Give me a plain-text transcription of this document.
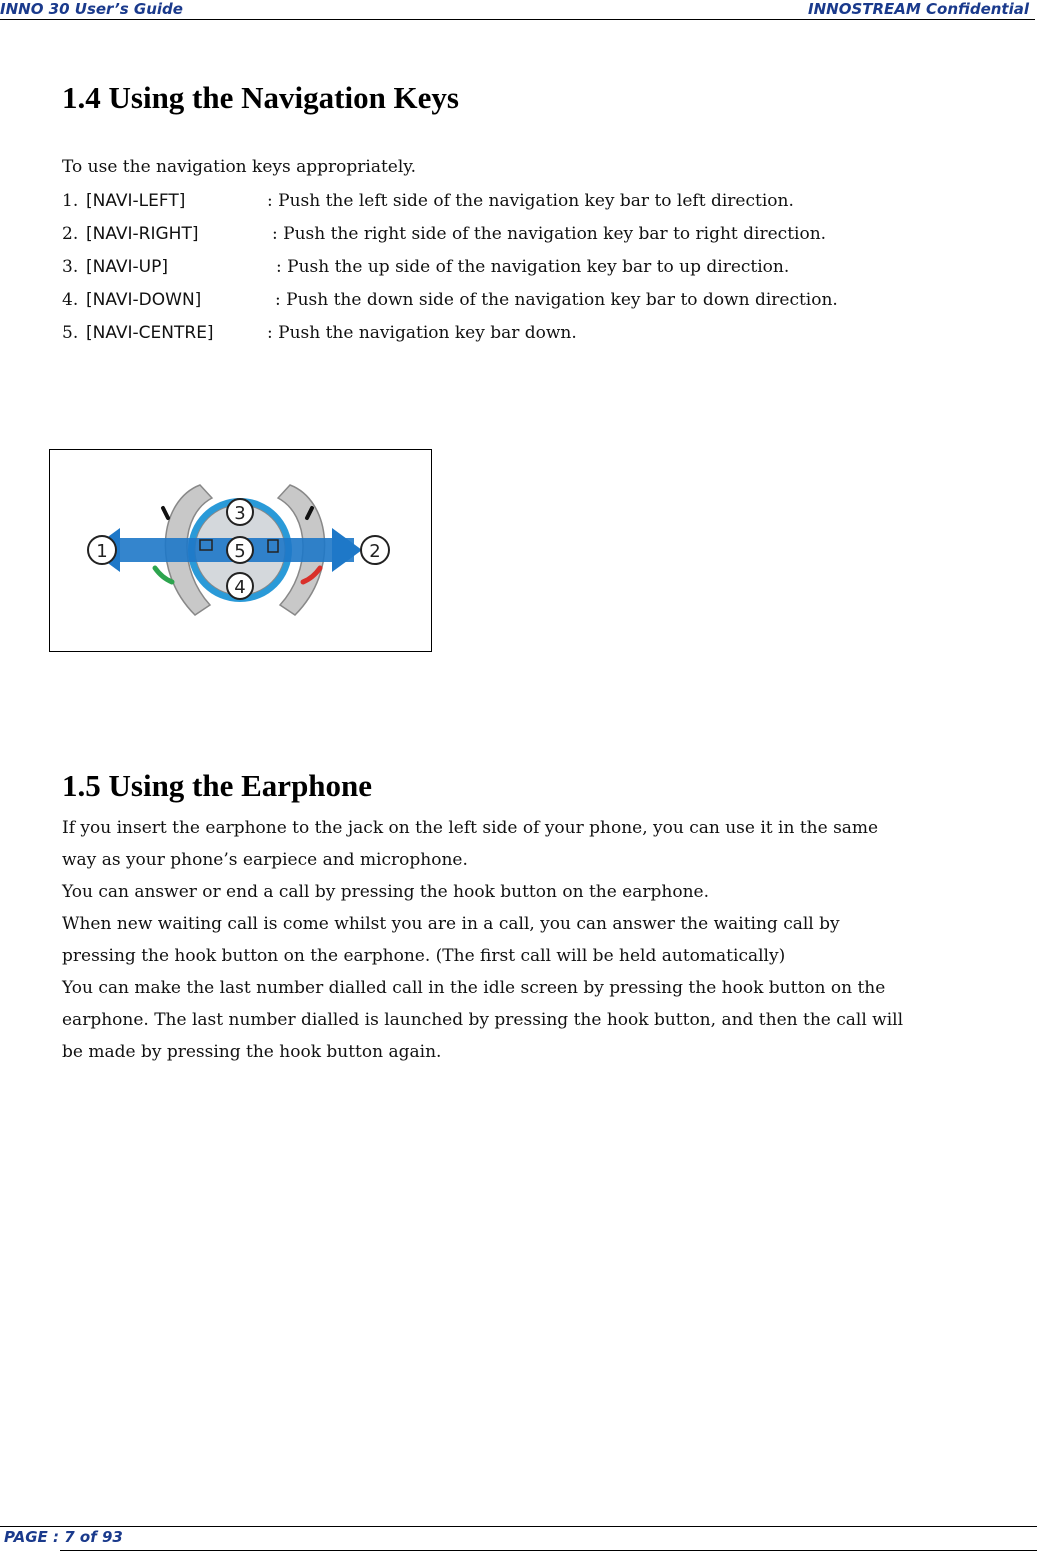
INNO 30 User’s Guide	INNOSTREAM Confidential
1.4 Using the Navigation Keys
To use the navigation keys appropriately.
1. [NAVI-LEFT]	: Push the left side of the navigation key bar to left direction.
2. [NAVI-RIGHT]	: Push the right side of the navigation key bar to right direction.
3. [NAVI-UP]	: Push the up side of the navigation key bar to up direction.
4. [NAVI-DOWN]	: Push the down side of the navigation key bar to down direction.
5. [NAVI-CENTRE]	: Push the navigation key bar down.
3
5
4
1	2
1.5 Using the Earphone
If you insert the earphone to the jack on the left side of your phone, you can use it in the same
way as your phone’s earpiece and microphone.
You can answer or end a call by pressing the hook button on the earphone.
When new waiting call is come whilst you are in a call, you can answer the waiting call by
pressing the hook button on the earphone. (The first call will be held automatically)
You can make the last number dialled call in the idle screen by pressing the hook button on the
earphone. The last number dialled is launched by pressing the hook button, and then the call will
be made by pressing the hook button again.
PAGE : 7 of 93
